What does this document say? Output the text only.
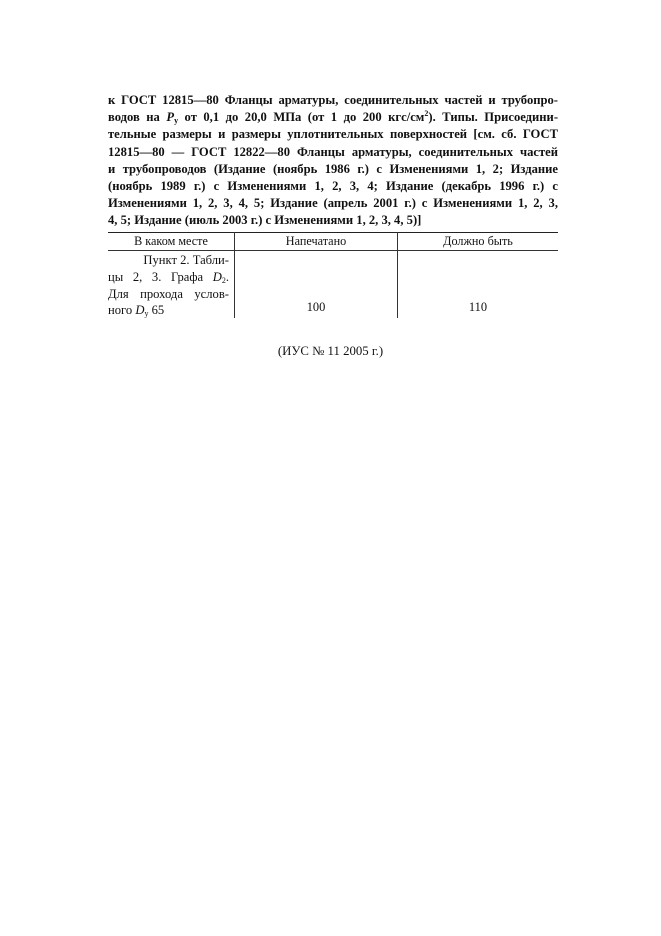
к ГОСТ 12815—80 Фланцы арматуры, соединительных частей и трубопро-
водов на $P_у$ от 0,1 до 20,0 МПа (от 1 до 200 кгс/$см^2$). Типы. Присоедини-
тельные размеры и размеры уплотнительных поверхностей [см. сб. ГОСТ
12815—80 — ГОСТ 12822—80 Фланцы арматуры, соединительных частей
и трубопроводов (Издание (ноябрь 1986 г.) с Изменениями 1, 2; Издание
(ноябрь 1989 г.) с Изменениями 1, 2, 3, 4; Издание (декабрь 1996 г.) с
Изменениями 1, 2, 3, 4, 5; Издание (апрель 2001 г.) с Изменениями 1, 2, 3,
4, 5; Издание (июль 2003 г.) с Изменениями 1, 2, 3, 4, 5)]
В каком месте	Напечатано	Должно быть
Пункт 2. Табли-
цы 2, 3. Графа $D_2$.
Для прохода услов-
ного $D_у$ 65	100	110
(ИУС № 11 2005 г.)
